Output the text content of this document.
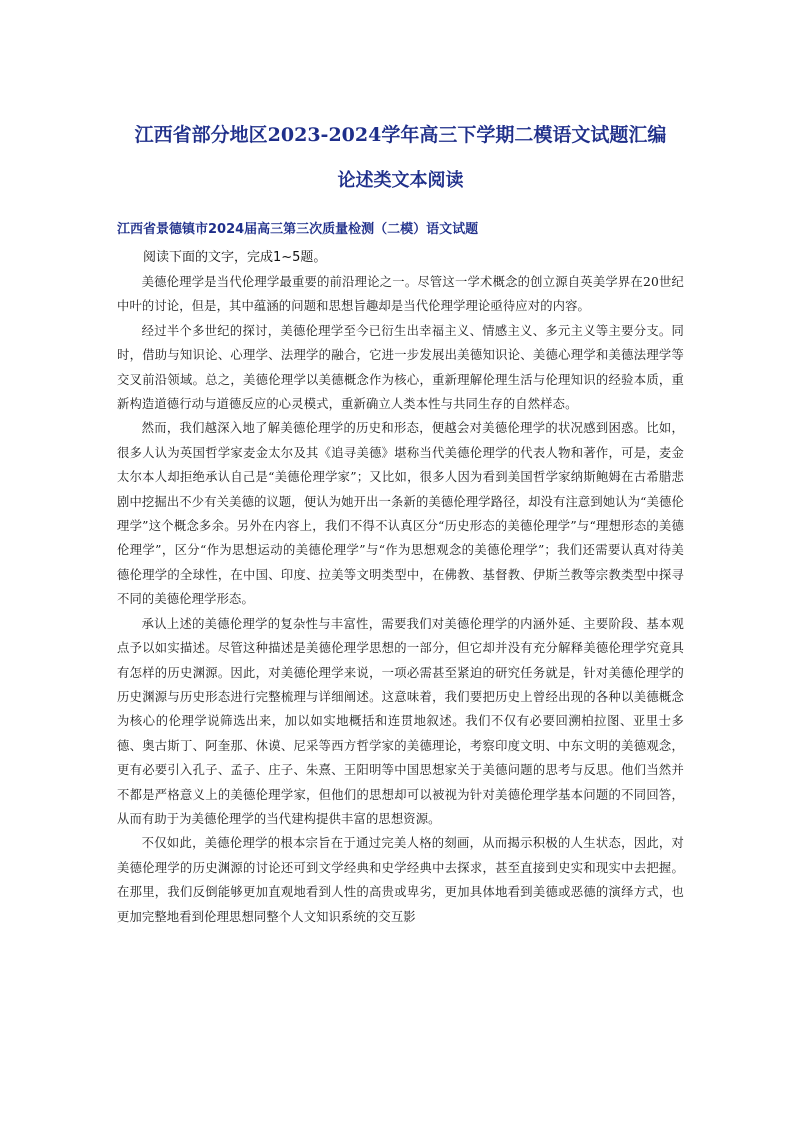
江西省部分地区2023-2024学年高三下学期二模语文试题汇编
论述类文本阅读
江西省景德镇市2024届高三第三次质量检测（二模）语文试题
阅读下面的文字，完成1~5题。

美德伦理学是当代伦理学最重要的前沿理论之一。尽管这一学术概念的创立源自英美学界在20世纪中叶的讨论，但是，其中蕴涵的问题和思想旨趣却是当代伦理学理论亟待应对的内容。

经过半个多世纪的探讨，美德伦理学至今已衍生出幸福主义、情感主义、多元主义等主要分支。同时，借助与知识论、心理学、法理学的融合，它进一步发展出美德知识论、美德心理学和美德法理学等交叉前沿领域。总之，美德伦理学以美德概念作为核心，重新理解伦理生活与伦理知识的经验本质，重新构造道德行动与道德反应的心灵模式，重新确立人类本性与共同生存的自然样态。

然而，我们越深入地了解美德伦理学的历史和形态，便越会对美德伦理学的状况感到困惑。比如，很多人认为英国哲学家麦金太尔及其《追寻美德》堪称当代美德伦理学的代表人物和著作，可是，麦金太尔本人却拒绝承认自己是“美德伦理学家”；又比如，很多人因为看到美国哲学家纳斯鲍姆在古希腊悲剧中挖掘出不少有关美德的议题，便认为她开出一条新的美德伦理学路径，却没有注意到她认为“美德伦理学”这个概念多余。另外在内容上，我们不得不认真区分“历史形态的美德伦理学”与“理想形态的美德伦理学”，区分“作为思想运动的美德伦理学”与“作为思想观念的美德伦理学”；我们还需要认真对待美德伦理学的全球性，在中国、印度、拉美等文明类型中，在佛教、基督教、伊斯兰教等宗教类型中探寻不同的美德伦理学形态。

承认上述的美德伦理学的复杂性与丰富性，需要我们对美德伦理学的内涵外延、主要阶段、基本观点予以如实描述。尽管这种描述是美德伦理学思想的一部分，但它却并没有充分解释美德伦理学究竟具有怎样的历史渊源。因此，对美德伦理学来说，一项必需甚至紧迫的研究任务就是，针对美德伦理学的历史渊源与历史形态进行完整梳理与详细阐述。这意味着，我们要把历史上曾经出现的各种以美德概念为核心的伦理学说筛选出来，加以如实地概括和连贯地叙述。我们不仅有必要回溯柏拉图、亚里士多德、奥古斯丁、阿奎那、休谟、尼采等西方哲学家的美德理论，考察印度文明、中东文明的美德观念，更有必要引入孔子、孟子、庄子、朱熹、王阳明等中国思想家关于美德问题的思考与反思。他们当然并不都是严格意义上的美德伦理学家，但他们的思想却可以被视为针对美德伦理学基本问题的不同回答，从而有助于为美德伦理学的当代建构提供丰富的思想资源。

不仅如此，美德伦理学的根本宗旨在于通过完美人格的刻画，从而揭示积极的人生状态，因此，对美德伦理学的历史渊源的讨论还可到文学经典和史学经典中去探求，甚至直接到史实和现实中去把握。在那里，我们反倒能够更加直观地看到人性的高贵或卑劣，更加具体地看到美德或恶德的演绎方式，也更加完整地看到伦理思想同整个人文知识系统的交互影
